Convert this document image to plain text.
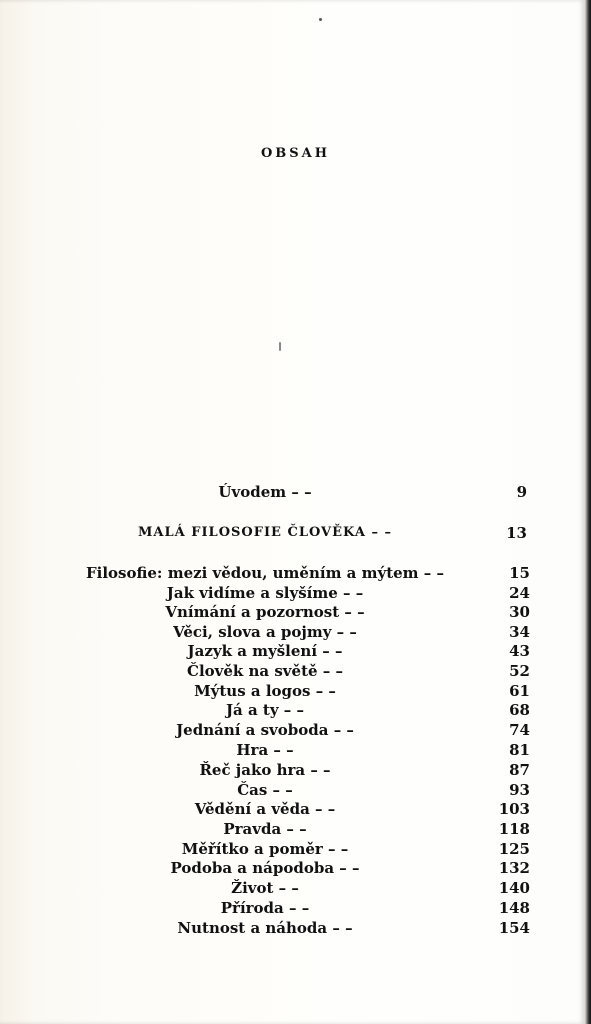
OBSAH
Úvodem – –	9
MALÁ FILOSOFIE ČLOVĚKA – –	13
Filosofie: mezi vědou, uměním a mýtem – –	15
Jak vidíme a slyšíme – –	24
Vnímání a pozornost – –	30
Věci, slova a pojmy – –	34
Jazyk a myšlení – –	43
Člověk na světě – –	52
Mýtus a logos – –	61
Já a ty – –	68
Jednání a svoboda – –	74
Hra – –	81
Řeč jako hra – –	87
Čas – –	93
Vědění a věda – –	103
Pravda – –	118
Měřítko a poměr – –	125
Podoba a nápodoba – –	132
Život – –	140
Příroda – –	148
Nutnost a náhoda – –	154
